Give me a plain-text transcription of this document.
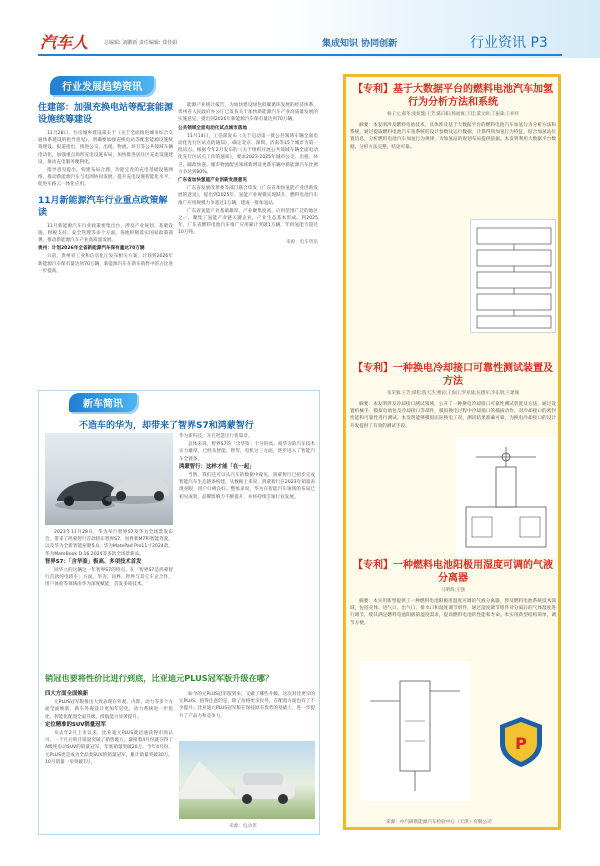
汽车人	总编辑: 刘鹏新 责任编辑: 郑佳娟	集成知识 协同创新	行业资讯 P3
行业发展趋势资讯
住建部：加强充换电站等配套能源设施统筹建设

11月28日，住房城乡建设部关于《关于全面推进城市综合交通体系建设的指导意见》，明确要加强充换电站等配套能源设施统筹建设。报道指出，推进公交、出租、物流、环卫等公共领域车辆电动化，加强重点场所充电设施布局，加快推进居住区充电设施建设，推动充电服务便利化。

指导意见提出，构建布局合理、功能完善的充电基础设施网络，推动新能源汽车与电网协同发展，提升充电设施智能化水平，促进车路云一体化应用。

11月新能源汽车行业重点政策解读

11月新能源汽车行业政策密集出台，涉及产业规划、基础设施、财税支持、安全管理等多个方面。各地积极落实国家政策部署，推动新能源汽车产业高质量发展。

贵州：计划2026年全省新能源汽车保有量达70万辆

日前，贵州省工业和信息化厅发布相关方案，计划到2026年新能源汽车保有量达到70万辆，新能源汽车在新车销售中的占比进一步提高。

能源产业统计报告，为加快建设绿色低碳循环发展的经济体系，贵州省人民政府办公厅已发布关于加快新能源汽车产业高质量发展的实施意见，提出到2026年新能源汽车保有量达到70万辆。

公共领域全面电动化试点城市落地

11月14日，工信部发布《关于启动第一批公共领域车辆全面电动化先行区试点的通知》，确定北京、深圳、济南等15个城市为第一批试点。根据今年2月发布的《关于组织开展公共领域车辆全面电动化先行区试点工作的通知》，要求2023-2025年城市公交、出租、环卫、邮政快递、城市物流配送领域新增及更新车辆中新能源汽车比例力争达到80%。

广东省加快氢能产业创新发展意见

广东省发展改革委等部门联合印发《广东省加快氢能产业创新发展的意见》，提出到2025年，氢能产业规模实现跃升，燃料电池汽车推广应用规模力争超过1万辆，建成一批加氢站。

广东省氢能产业基础雄厚，产业聚集度高，应用范围广泛的地区之一，聚集了氢能产业链关键企业，产业生态基本形成。到2025年，广东省燃料电池汽车推广应用累计突破1万辆，年供氢能力超过10万吨。

来源：电车资讯
新车简讯
不造车的华为，却带来了智界S7和鸿蒙智行

2023年11月28日，华为举行智界S7及华为全场景发布会，带来了鸿蒙智行首款轿车智界S7、问界新M7和智能驾驶，以及华为全新智能座舱5.0。华为MatePad Pro11寸2024款、华为MateBook D 16 2024等多款全场景新品。

智界S7：「含华鉴」极高、多项技术首发

同华立的这辆这一年智界S7的特点，在「智界S7是鸿蒙智行首款纯电轿车」方面，华为、问界、智界与其它车企合作，用户体验等领域由华为深度赋能，首发多项技术。

华为新科技，开启智慧出行新篇章。

总体来说，智界S7的「含华鉴」十分的高。而华为的汽车技术实力雄厚，已经从智能、智驾、电机这三方面，逐步进入了智能汽车全链条。

鸿蒙智行：这样才能「在一起」

当然，我们还可以从汽车的数据中窥见，鸿蒙智行已初步完成智能汽车生态链条构建，从数据上来说，鸿蒙智行在2023年销量表现亮眼，用户口碑良好。整体来说，华为在智能汽车领域的布局已初见成效，品牌影响力不断提升，并将持续引领行业发展。

销冠也要将性价比进行到底，比亚迪元PLUS冠军版升级在哪？

四大方面全面焕新

元PLUS冠军版推出大致表现在外观、内饰、动力等多个方面全面焕新。新车外观设计更加年轻化，动力系统进一步优化，智能化配置全面升级，续航能力显著提升。

定位精准的SUV销量冠军

从去年2月上市以来，比亚迪元PLUS就迅速获得市场认可，一个月后的月销量突破了销售破万。紧接着4月份就夺得了A级纯电动SUV的销量冠军，年底销量突破20万。今年4月份，元PLUS更是成为全品类SUV的销量冠军，累计销量突破30万。10月销量一举突破7万。

如今的元PLUS冠军版到来，又做了哪些升级，这次对比更早的元PLUS，值得注意的是，除了价格更亲民外，在配置方面也有了不少提升。比亚迪元PLUS冠军版在保持原有优势的基础上，进一步提升了产品力和竞争力。

来源：电动邦
【专利】基于大数据平台的燃料电池汽车加氢行为分析方法和系统
杨子元;郝冬;张妍懿;王芳;陈向阳;杨福寓;王佳;董文妍;丁振森;王祥祥

摘要：本发明涉及燃料电池技术，具体涉及基于大数据平台的燃料电池汽车加氢行为分析方法和系统，通过提取燃料电池汽车氢系统的设计参数及运行数据，计算得到加氢行为特征，结合加氢站位置信息，分析燃料电池汽车加氢行为规律，为加氢站的规划布局提供依据。本发明利用大数据平台数据，分析方法完整，结论可靠。

【专利】一种换电冷却接口可靠性测试装置及方法
张荣强;王芳;谭松;殷天杰;曹钊;王海江;罗亚斌;伍德军;李东明;王建城

摘要：本发明涉及冷却接口测试领域，公开了一种换电冷却接口可靠性测试装置及方法，通过设置机械手、模拟电池包及冷却接口等部件，模拟换电过程中冷却接口的插拔动作，对冷却接口的密封性能和可靠性进行测试。本发明能够模拟实际换电工况，测试结果准确可靠，为换电冷却接口的设计开发提供了有效的测试手段。

【专利】一种燃料电池阳极用湿度可调的气液分离器
马明辉;王强

摘要：本实用新型提供了一种燃料电池阳极用湿度可调的气液分离器，涉及燃料电池系统技术领域，包括壳体、进气口、出气口、排水口和湿度调节组件，通过湿度调节组件对分离后的气体湿度进行调节，使其满足燃料电池阳极的湿度需求，提高燃料电池的性能和寿命。本实用新型结构简单，调节方便。

P
来源：中汽研新能源汽车检验中心（天津）有限公司
